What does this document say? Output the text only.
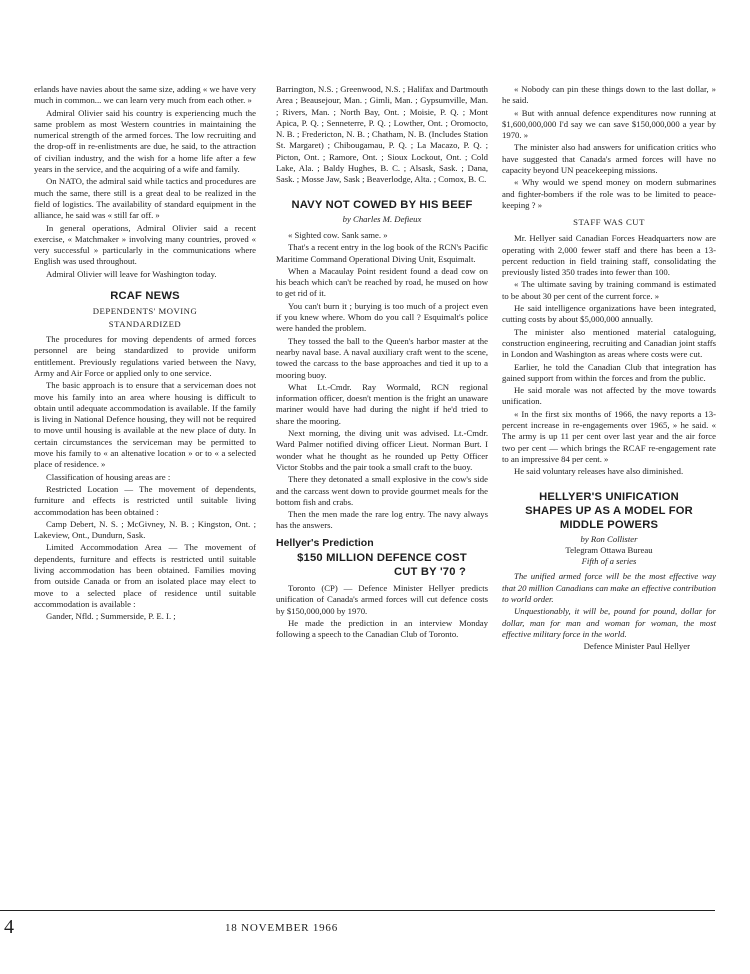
erlands have navies about the same size, adding « we have very much in common... we can learn very much from each other. »

Admiral Olivier said his country is experiencing much the same problem as most Western countries in maintaining the numerical strength of the armed forces. The low recruiting and the drop-off in re-enlistments are due, he said, to the attraction of civilian industry, and the wish for a home life after a few years in the service, and the acquiring of a wife and family.

On NATO, the admiral said while tactics and procedures are much the same, there still is a great deal to be realized in the field of logistics. The availability of standard equipment in the alliance, he said was « still far off. »

In general operations, Admiral Olivier said a recent exercise, « Matchmaker » involving many countries, proved « very successful » particularly in the communications where English was used throughout.

Admiral Olivier will leave for Washington today.

RCAF NEWS
DEPENDENTS' MOVING
STANDARDIZED

The procedures for moving dependents of armed forces personnel are being standardized to provide uniform entitlement. Previously regulations varied between the Navy, Army and Air Force or applied only to one service.

The basic approach is to ensure that a serviceman does not move his family into an area where housing is difficult to obtain until adequate accommodation is available. If the family is living in National Defence housing, they will not be required to move until housing is available at the new place of duty. In certain circumstances the serviceman may be permitted to move his family to « an altenative location » or to « a selected place of residence. »

Classification of housing areas are :

Restricted Location — The movement of dependents, furniture and effects is restricted until suitable living accommodation has been obtained :

Camp Debert, N. S. ; McGivney, N. B. ; Kingston, Ont. ; Lakeview, Ont., Dundurn, Sask.

Limited Accommodation Area — The movement of dependents, furniture and effects is restricted until suitable living accommodation has been obtained. Families moving from outside Canada or from an isolated place may elect to move to a selected place of residence until suitable accommodation is available :

Gander, Nfld. ; Summerside, P. E. I. ;

Barrington, N.S. ; Greenwood, N.S. ; Halifax and Dartmouth Area ; Beausejour, Man. ; Gimli, Man. ; Gypsumville, Man. ; Rivers, Man. ; North Bay, Ont. ; Moisie, P. Q. ; Mont Apica, P. Q. ; Senneterre, P. Q. ; Lowther, Ont. ; Oromocto, N. B. ; Fredericton, N. B. ; Chatham, N. B. (Includes Station St. Margaret) ; Chibougamau, P. Q. ; La Macazo, P. Q. ; Picton, Ont. ; Ramore, Ont. ; Sioux Lockout, Ont. ; Cold Lake, Ala. ; Baldy Hughes, B. C. ; Alsask, Sask. ; Dana, Sask. ; Mosse Jaw, Sask ; Beaverlodge, Alta. ; Comox, B. C.

NAVY NOT COWED BY HIS BEEF
by Charles M. Defieux

« Sighted cow. Sank same. »

That's a recent entry in the log book of the RCN's Pacific Maritime Command Operational Diving Unit, Esquimalt.

When a Macaulay Point resident found a dead cow on his beach which can't be reached by road, he mused on how to get rid of it.

You can't burn it ; burying is too much of a project even if you knew where. Whom do you call ? Esquimalt's police were handed the problem.

They tossed the ball to the Queen's harbor master at the nearby naval base. A naval auxiliary craft went to the scene, towed the carcass to the base approaches and tied it up to a mooring buoy.

What Lt.-Cmdr. Ray Wormald, RCN regional information officer, doesn't mention is the fright an unaware mariner would have had during the night if he'd tried to share the mooring.

Next morning, the diving unit was advised. Lt.-Cmdr. Ward Palmer notified diving officer Lieut. Norman Burt. I wonder what he thought as he rounded up Petty Officer Victor Stobbs and the pair took a small craft to the buoy.

There they detonated a small explosive in the cow's side and the carcass went down to provide gourmet meals for the bottom fish and crabs.

Then the men made the rare log entry. The navy always has the answers.

Hellyer's Prediction
$150 MILLION DEFENCE COST
CUT BY '70 ?

Toronto (CP) — Defence Minister Hellyer predicts unification of Canada's armed forces will cut defence costs by $150,000,000 by 1970.

He made the prediction in an interview Monday following a speech to the Canadian Club of Toronto.

« Nobody can pin these things down to the last dollar, » he said.

« But with annual defence expenditures now running at $1,600,000,000 I'd say we can save $150,000,000 a year by 1970. »

The minister also had answers for unification critics who have suggested that Canada's armed forces will have no capacity beyond UN peacekeeping missions.

« Why would we spend money on modern submarines and fighter-bombers if the role was to be limited to peace-keeping ? »

STAFF WAS CUT

Mr. Hellyer said Canadian Forces Headquarters now are operating with 2,000 fewer staff and there has been a 13-percent reduction in field training staff, consolidating the previously listed 350 trades into fewer than 100.

« The ultimate saving by training command is estimated to be about 30 per cent of the current force. »

He said intelligence organizations have been integrated, cutting costs by about $5,000,000 annually.

The minister also mentioned material cataloguing, construction engineering, recruiting and Canadian joint staffs in London and Washington as areas where costs were cut.

Earlier, he told the Canadian Club that integration has gained support from within the forces and from the public.

He said morale was not affected by the move towards unification.

« In the first six months of 1966, the navy reports a 13-percent increase in re-engagements over 1965, » he said. « The army is up 11 per cent over last year and the air force two per cent — which brings the RCAF re-engagement rate to an impressive 84 per cent. »

He said voluntary releases have also diminished.

HELLYER'S UNIFICATION
SHAPES UP AS A MODEL FOR
MIDDLE POWERS
by Ron Collister
Telegram Ottawa Bureau
Fifth of a series

The unified armed force will be the most effective way that 20 million Canadians can make an effective contribution to world order.

Unquestionably, it will be, pound for pound, dollar for dollar, man for man and woman for woman, the most effective military force in the world.

Defence Minister Paul Hellyer
4	18 NOVEMBER 1966
